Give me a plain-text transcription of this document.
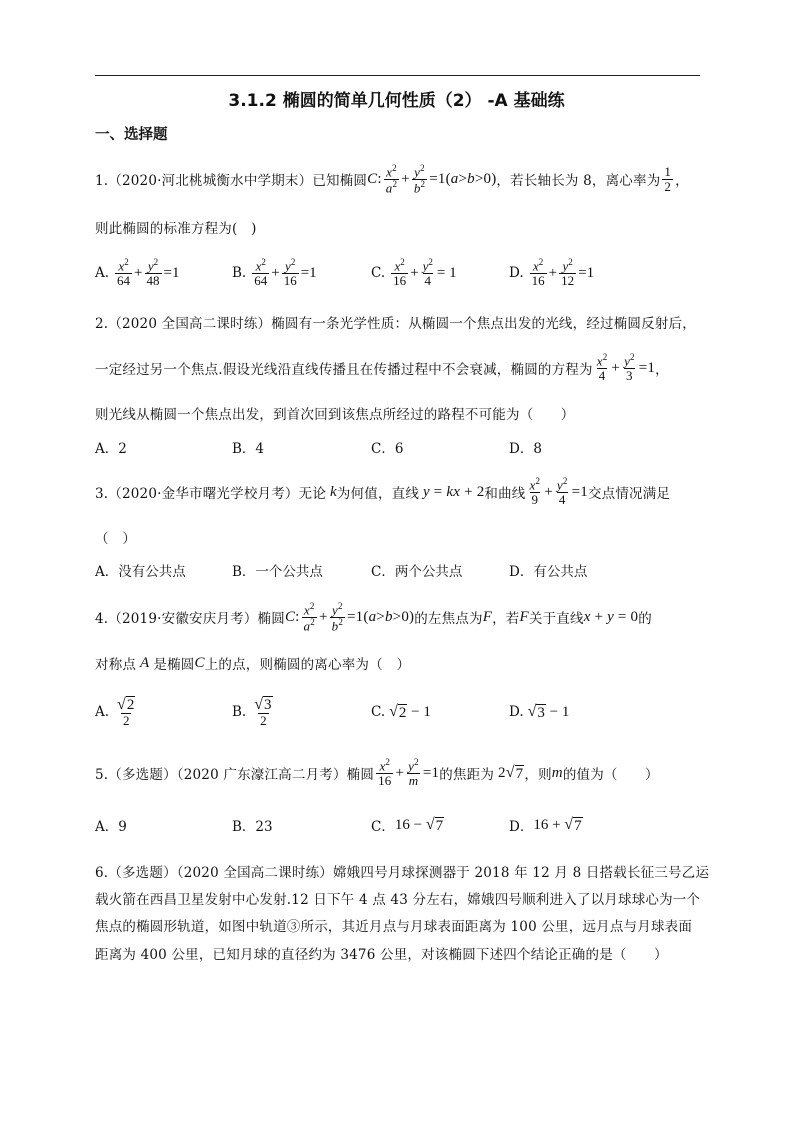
3.1.2 椭圆的简单几何性质（2） -A 基础练
一、选择题
1.（2020·河北桃城衡水中学期末）已知椭圆 C : $\frac{x^2}{a^2} + \frac{y^2}{b^2} =1$( a > b >0) ，若长轴长为 8，离心率为 $\frac{1}{2}$ ，
则此椭圆的标准方程为(　)
A. $\frac{x^2}{64} + \frac{y^2}{48} =1$	B. $\frac{x^2}{64} + \frac{y^2}{16} =1$	C. $\frac{x^2}{16} + \frac{y^2}{4} = 1$	D. $\frac{x^2}{16} + \frac{y^2}{12} =1$
2.（2020 全国高二课时练）椭圆有一条光学性质：从椭圆一个焦点出发的光线，经过椭圆反射后，
一定经过另一个焦点.假设光线沿直线传播且在传播过程中不会衰减，椭圆的方程为 $\frac{x^2}{4} + \frac{y^2}{3} =1$ ，
则光线从椭圆一个焦点出发，到首次回到该焦点所经过的路程不可能为（　　）
A．2	B．4	C．6	D．8
3.（2020·金华市曙光学校月考）无论 k 为何值，直线 y = kx + 2 和曲线 $\frac{x^2}{9} + \frac{y^2}{4} =1$ 交点情况满足
（　）
A．没有公共点	B．一个公共点	C．两个公共点	D．有公共点
4.（2019·安徽安庆月考）椭圆 C : $\frac{x^2}{a^2} + \frac{y^2}{b^2} =1$( a > b >0) 的左焦点为 F ，若 F 关于直线 x + y = 0 的
对称点 A 是椭圆 C 上的点，则椭圆的离心率为（　）
A. $\frac{√ 2}{2}$	B. $\frac{√ 3}{2}$	C. √ 2 − 1	D. √ 3 − 1
5.（多选题）（2020 广东濠江高二月考）椭圆 $\frac{x^2}{16} + \frac{y^2}{m} =1$ 的焦距为 2 √ 7 ，则 m 的值为（　　）
A．9	B．23	C． 16 − √ 7	D． 16 + √ 7
6.（多选题）（2020 全国高二课时练）嫦娥四号月球探测器于 2018 年 12 月 8 日搭载长征三号乙运
载火箭在西昌卫星发射中心发射.12 日下午 4 点 43 分左右，嫦娥四号顺利进入了以月球球心为一个
焦点的椭圆形轨道，如图中轨道③所示，其近月点与月球表面距离为 100 公里，远月点与月球表面
距离为 400 公里，已知月球的直径约为 3476 公里，对该椭圆下述四个结论正确的是（　　）
